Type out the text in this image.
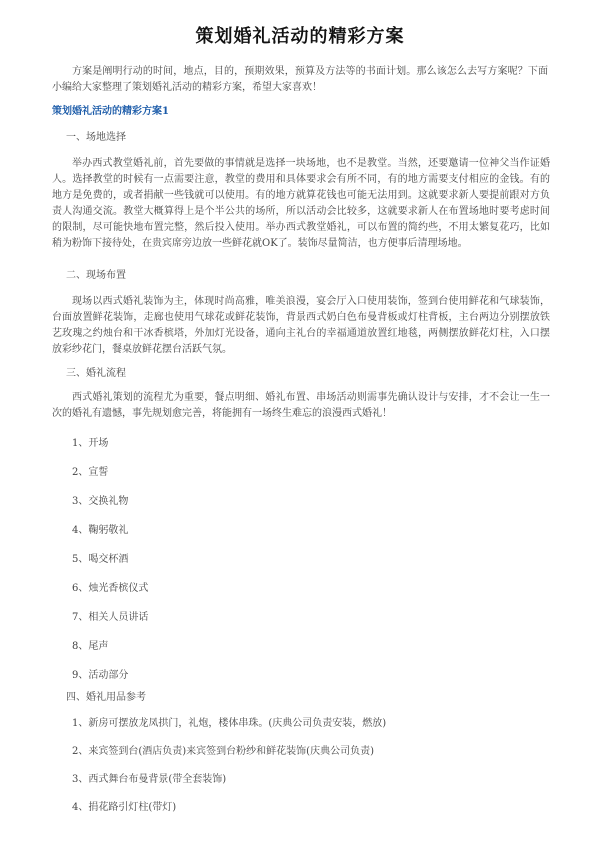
策划婚礼活动的精彩方案

方案是阐明行动的时间，地点，目的，预期效果，预算及方法等的书面计划。那么该怎么去写方案呢？下面小编给大家整理了策划婚礼活动的精彩方案，希望大家喜欢！

策划婚礼活动的精彩方案1
一、场地选择

举办西式教堂婚礼前，首先要做的事情就是选择一块场地，也不是教堂。当然，还要邀请一位神父当作证婚人。选择教堂的时候有一点需要注意，教堂的费用和具体要求会有所不同，有的地方需要支付相应的金钱。有的地方是免费的，或者捐献一些钱就可以使用。有的地方就算花钱也可能无法用到。这就要求新人要提前跟对方负责人沟通交流。教堂大概算得上是个半公共的场所，所以活动会比较多，这就要求新人在布置场地时要考虑时间的限制，尽可能快地布置完整，然后投入使用。举办西式教堂婚礼，可以布置的简约些，不用太繁复花巧，比如稍为粉饰下接待处，在贵宾席旁边放一些鲜花就OK了。装饰尽量简洁，也方便事后清理场地。

二、现场布置

现场以西式婚礼装饰为主，体现时尚高雅，唯美浪漫，宴会厅入口使用装饰，签到台使用鲜花和气球装饰，台面放置鲜花装饰，走廊也使用气球花或鲜花装饰，背景西式奶白色布曼背板或灯柱背板，主台两边分别摆放铁艺玫瑰之约烛台和干冰香槟塔，外加灯光设备，通向主礼台的幸福通道放置红地毯，两侧摆放鲜花灯柱，入口摆放彩纱花门，餐桌放鲜花摆台活跃气氛。

三、婚礼流程

西式婚礼策划的流程尤为重要，餐点明细、婚礼布置、串场活动则需事先确认设计与安排，才不会让一生一次的婚礼有遗憾，事先规划愈完善，将能拥有一场终生难忘的浪漫西式婚礼！

1、开场
2、宣誓
3、交换礼物
4、鞠躬敬礼
5、喝交杯酒
6、烛光香槟仪式
7、相关人员讲话
8、尾声
9、活动部分
四、婚礼用品参考
1、新房可摆放龙凤拱门，礼炮，楼体串珠。(庆典公司负责安装，燃放)
2、来宾签到台(酒店负责)来宾签到台粉纱和鲜花装饰(庆典公司负责)
3、西式舞台布曼背景(带全套装饰)
4、捐花路引灯柱(带灯)
